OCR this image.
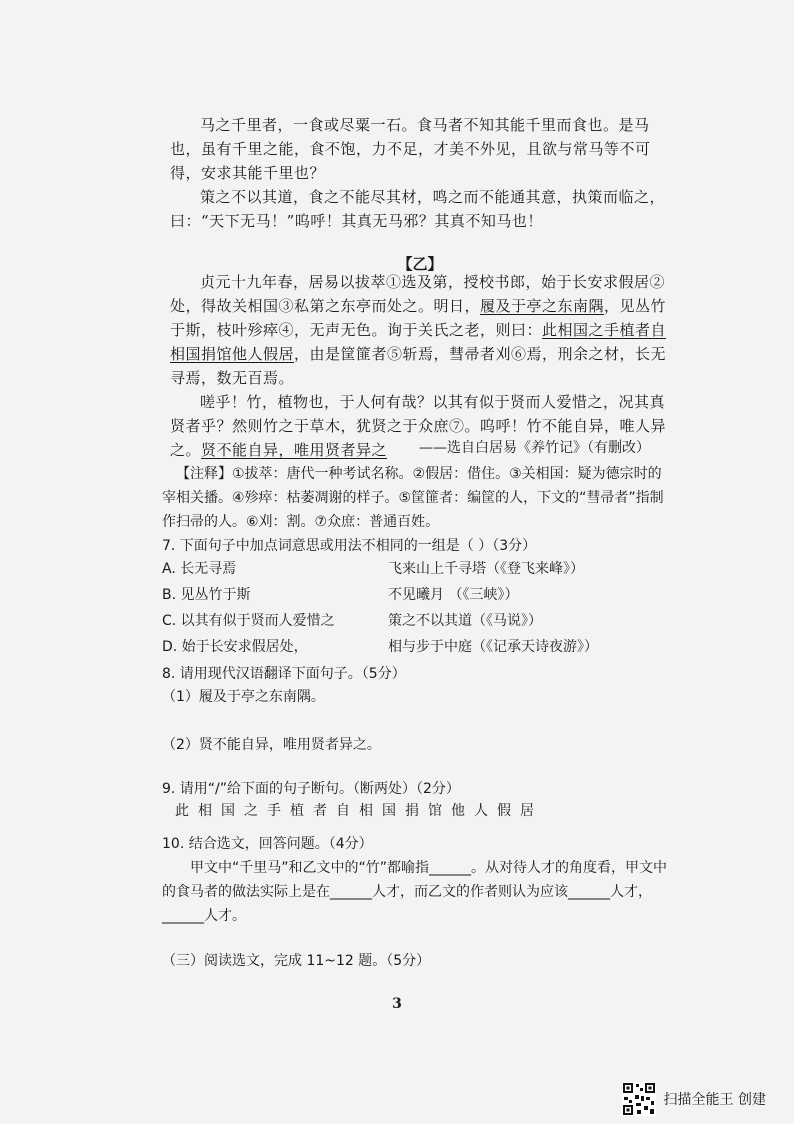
马之千里者，一食或尽粟一石。食马者不知其能千里而食也。是马也，虽有千里之能，食不饱，力不足，才美不外见，且欲与常马等不可得，安求其能千里也？

策之不以其道，食之不能尽其材，鸣之而不能通其意，执策而临之，曰：“天下无马！”呜呼！其真无马邪？其真不知马也！

【乙】

贞元十九年春，居易以拔萃①选及第，授校书郎，始于长安求假居②处，得故关相国③私第之东亭而处之。明日，履及于亭之东南隅，见丛竹于斯，枝叶殄瘁④，无声无色。询于关氏之老，则曰：此相国之手植者自相国捐馆他人假居，由是筐篚者⑤斩焉，彗帚者刈⑥焉，刑余之材，长无寻焉，数无百焉。

嗟乎！竹，植物也，于人何有哉？以其有似于贤而人爱惜之，况其真贤者乎？然则竹之于草木，犹贤之于众庶⑦。呜呼！竹不能自异，唯人异之。贤不能自异，唯用贤者异之	——选自白居易《养竹记》（有删改）
【注释】①拔萃：唐代一种考试名称。②假居：借住。③关相国：疑为德宗时的宰相关播。④殄瘁：枯萎凋谢的样子。⑤筐篚者：编筐的人，下文的“彗帚者”指制作扫帚的人。⑥刈：割。⑦众庶：普通百姓。
7. 下面句子中加点词意思或用法不相同的一组是（ ）（3分）
A. 长无寻焉	飞来山上千寻塔（《登飞来峰》）
B. 见丛竹于斯	不见曦月 （《三峡》）
C. 以其有似于贤而人爱惜之	策之不以其道（《马说》）
D. 始于长安求假居处，	相与步于中庭（《记承天诗夜游》）
8. 请用现代汉语翻译下面句子。（5分）
（1）履及于亭之东南隅。
（2）贤不能自异，唯用贤者异之。
9. 请用“/”给下面的句子断句。（断两处）（2分）
此相国之手植者自相国捐馆他人假居
10. 结合选文，回答问题。（4分）
甲文中“千里马”和乙文中的“竹”都喻指______。从对待人才的角度看，甲文中的食马者的做法实际上是在______人才，而乙文的作者则认为应该______人才，______人才。
（三）阅读选文，完成 11~12 题。（5分）
3
扫描全能王 创建
